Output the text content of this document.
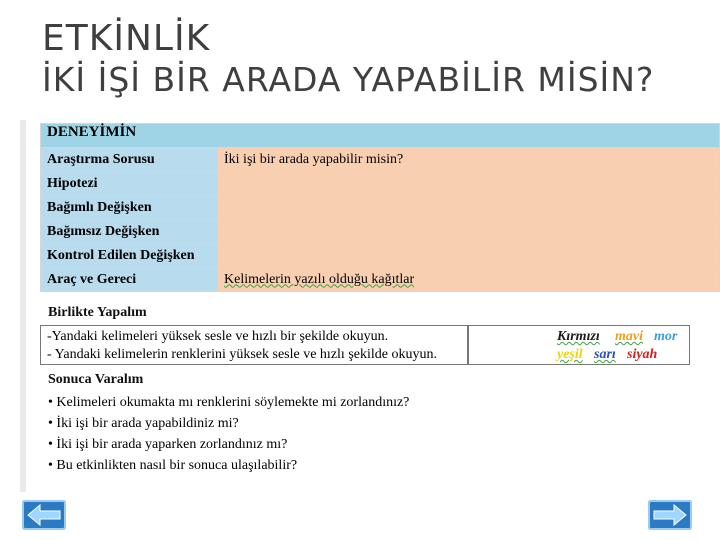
ETKİNLİK
İKİ İŞİ BİR ARADA YAPABİLİR MİSİN?
DENEYİMİN	
Araştırma Sorusu	İki işi bir arada yapabilir misin?
Hipotezi	
Bağımlı Değişken	
Bağımsız Değişken	
Kontrol Edilen Değişken	
Araç ve Gereci	Kelimelerin yazılı olduğu kağıtlar
Birlikte Yapalım
-Yandaki kelimeleri yüksek sesle ve hızlı bir şekilde okuyun.
- Yandaki kelimelerin renklerini yüksek sesle ve hızlı şekilde okuyun.
Kırmızı mavi mor
yeşil sarı siyah
Sonuca Varalım
• Kelimeleri okumakta mı renklerini söylemekte mi zorlandınız?
• İki işi bir arada yapabildiniz mi?
• İki işi bir arada yaparken zorlandınız mı?
• Bu etkinlikten nasıl bir sonuca ulaşılabilir?
